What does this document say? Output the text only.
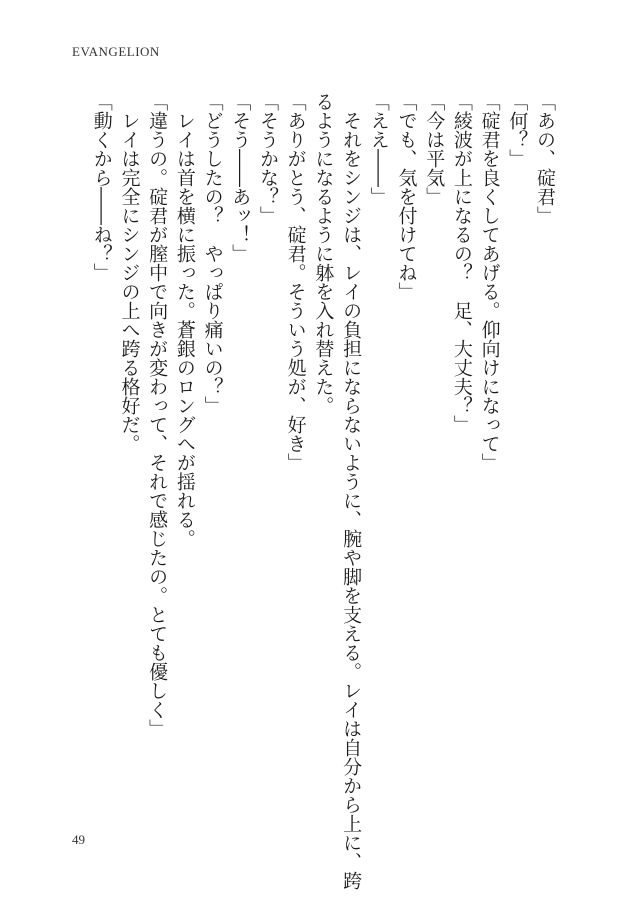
EVANGELION
「あの、碇君」
「何？」
「碇君を良くしてあげる。仰向けになって」
「綾波が上になるの？　足、大丈夫？」
「今は平気」
「でも、気を付けてね」
「ええ――」
　それをシンジは、レイの負担にならないように、腕や脚を支える。レイは自分から上に、跨
るようになるように躰を入れ替えた。
「ありがとう、碇君。そういう処が、好き」
「そうかな？」
「そう――あッ！」
「どうしたの？　やっぱり痛いの？」
　レイは首を横に振った。蒼銀のロングへが揺れる。
「違うの。碇君が膣中で向きが変わって、それで感じたの。とても優しく」
　レイは完全にシンジの上へ跨る格好だ。
「動くから――ね？」
49
